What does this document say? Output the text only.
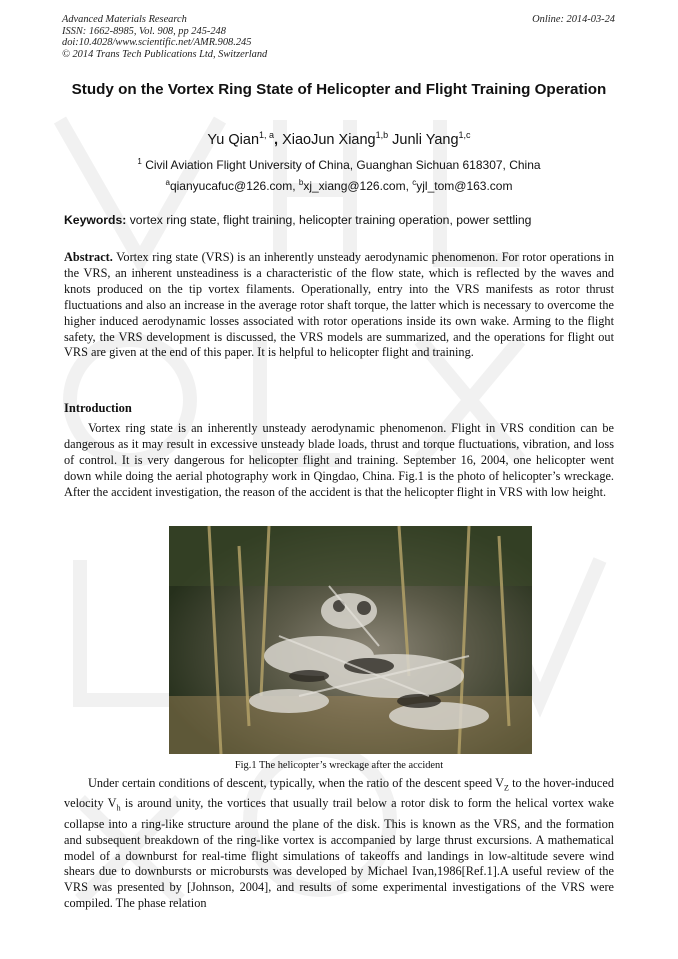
Advanced Materials Research
ISSN: 1662-8985, Vol. 908, pp 245-248
doi:10.4028/www.scientific.net/AMR.908.245
© 2014 Trans Tech Publications Ltd, Switzerland
Online: 2014-03-24
Study on the Vortex Ring State of Helicopter and Flight Training Operation
Yu Qian$^{1, a}$, XiaoJun Xiang$^{1,b}$ Junli Yang$^{1,c}$
$^1$ Civil Aviation Flight University of China, Guanghan Sichuan 618307, China
$^a$qianyucafuc@126.com, $^b$xj_xiang@126.com, $^c$yjl_tom@163.com
Keywords: vortex ring state, flight training, helicopter training operation, power settling
Abstract. Vortex ring state (VRS) is an inherently unsteady aerodynamic phenomenon. For rotor operations in the VRS, an inherent unsteadiness is a characteristic of the flow state, which is reflected by the waves and knots produced on the tip vortex filaments. Operationally, entry into the VRS manifests as rotor thrust fluctuations and also an increase in the average rotor shaft torque, the latter which is necessary to overcome the higher induced aerodynamic losses associated with rotor operations inside its own wake. Arming to the flight safety, the VRS development is discussed, the VRS models are summarized, and the operations for flight out VRS are given at the end of this paper. It is helpful to helicopter flight and training.
Introduction
Vortex ring state is an inherently unsteady aerodynamic phenomenon. Flight in VRS condition can be dangerous as it may result in excessive unsteady blade loads, thrust and torque fluctuations, vibration, and loss of control. It is very dangerous for helicopter flight and training. September 16, 2004, one helicopter went down while doing the aerial photography work in Qingdao, China. Fig.1 is the photo of helicopter’s wreckage. After the accident investigation, the reason of the accident is that the helicopter flight in VRS with low height.
Fig.1 The helicopter’s wreckage after the accident
Under certain conditions of descent, typically, when the ratio of the descent speed $V_Z$ to the hover-induced velocity $V_h$ is around unity, the vortices that usually trail below a rotor disk to form the helical vortex wake collapse into a ring-like structure around the plane of the disk. This is known as the VRS, and the formation and subsequent breakdown of the ring-like vortex is accompanied by large thrust excursions. A mathematical model of a downburst for real-time flight simulations of takeoffs and landings in low-altitude severe wind shears due to downbursts or microbursts was developed by Michael Ivan,1986[Ref.1].A useful review of the VRS was presented by [Johnson, 2004], and results of some experimental investigations of the VRS were compiled. The phase relation
